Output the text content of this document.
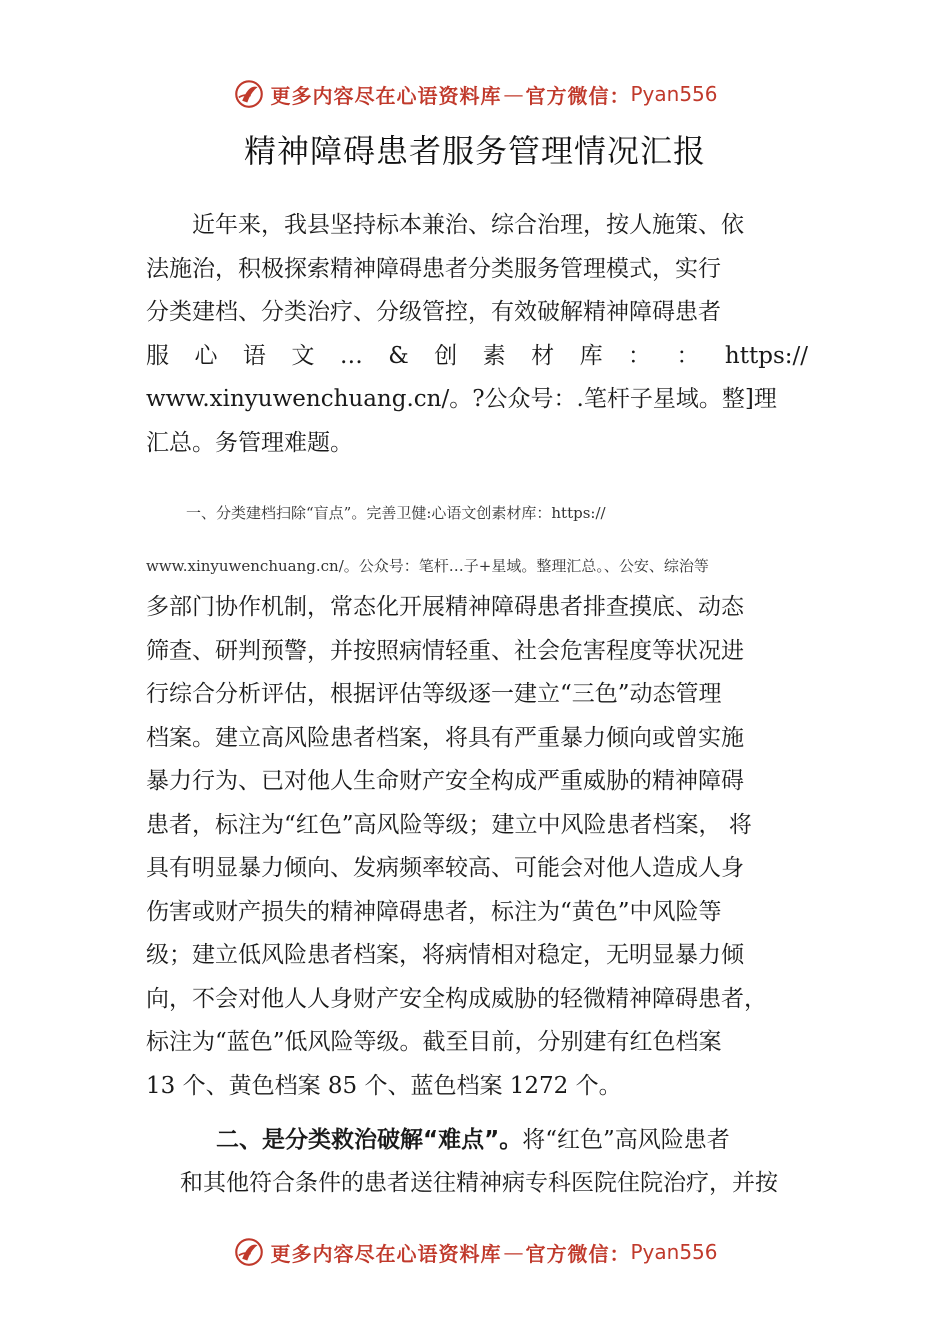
更多内容尽在心语资料库 — 官方微信： Pyan556
精神障碍患者服务管理情况汇报
近年来，我县坚持标本兼治、综合治理，按人施策、依
法施治，积极探索精神障碍患者分类服务管理模式，实行
分类建档、分类治疗、分级管控，有效破解精神障碍患者
服 心 语 文 … & 创 素 材 库 ： ： https://
www.xinyuwenchuang.cn/。?公众号：.笔杆子星域。整]理
汇总。务管理难题。
一、分类建档扫除“盲点”。完善卫健:心语文创素材库：https://
www.xinyuwenchuang.cn/。公众号：笔杆…子+星域。整理汇总。、公安、综治等
多部门协作机制，常态化开展精神障碍患者排查摸底、动态
筛查、研判预警，并按照病情轻重、社会危害程度等状况进
行综合分析评估，根据评估等级逐一建立“三色”动态管理
档案。建立高风险患者档案，将具有严重暴力倾向或曾实施
暴力行为、已对他人生命财产安全构成严重威胁的精神障碍
患者，标注为“红色”高风险等级；建立中风险患者档案， 将
具有明显暴力倾向、发病频率较高、可能会对他人造成人身
伤害或财产损失的精神障碍患者，标注为“黄色”中风险等
级；建立低风险患者档案，将病情相对稳定，无明显暴力倾
向，不会对他人人身财产安全构成威胁的轻微精神障碍患者，
标注为“蓝色”低风险等级。截至目前，分别建有红色档案
13 个、黄色档案 85 个、蓝色档案 1272 个。
二、是分类救治破解“难点”。将“红色”高风险患者
和其他符合条件的患者送往精神病专科医院住院治疗，并按
更多内容尽在心语资料库 — 官方微信： Pyan556
